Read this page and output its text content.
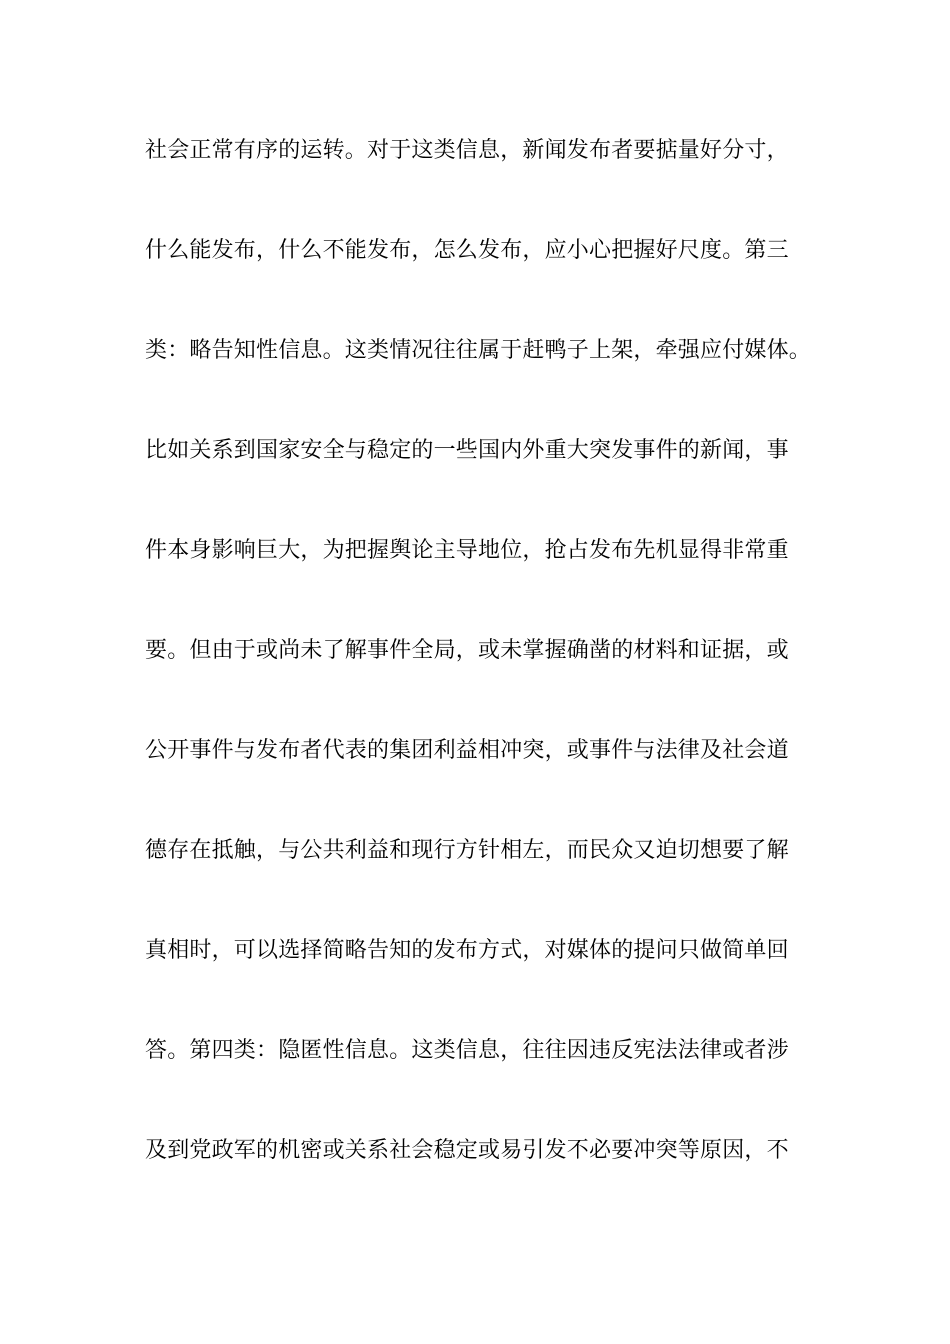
社会正常有序的运转。对于这类信息，新闻发布者要掂量好分寸，
什么能发布，什么不能发布，怎么发布，应小心把握好尺度。第三
类：略告知性信息。这类情况往往属于赶鸭子上架，牵强应付媒体。
比如关系到国家安全与稳定的一些国内外重大突发事件的新闻，事
件本身影响巨大，为把握舆论主导地位，抢占发布先机显得非常重
要。但由于或尚未了解事件全局，或未掌握确凿的材料和证据，或
公开事件与发布者代表的集团利益相冲突，或事件与法律及社会道
德存在抵触，与公共利益和现行方针相左，而民众又迫切想要了解
真相时，可以选择简略告知的发布方式，对媒体的提问只做简单回
答。第四类：隐匿性信息。这类信息，往往因违反宪法法律或者涉
及到党政军的机密或关系社会稳定或易引发不必要冲突等原因，不
